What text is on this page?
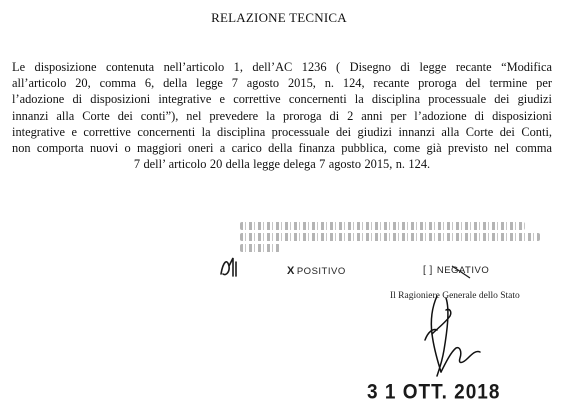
RELAZIONE TECNICA
Le disposizione contenuta nell’articolo 1, dell’AC 1236 ( Disegno di legge recante “Modifica
all’articolo 20, comma 6, della legge 7 agosto 2015, n. 124, recante proroga del termine per
l’adozione di disposizioni integrative e correttive concernenti la disciplina processuale dei giudizi
innanzi alla Corte dei conti”), nel prevedere la proroga di 2 anni per l’adozione di disposizioni
integrative e correttive concernenti la disciplina processuale dei giudizi innanzi alla Corte dei Conti,
non comporta nuovi o maggiori oneri a carico della finanza pubblica, come già previsto nel comma
7 dell’ articolo 20 della legge delega 7 agosto 2015, n. 124.
X POSITIVO	[ ] NEGATIVO
Il Ragioniere Generale dello Stato
3 1 OTT. 2018
